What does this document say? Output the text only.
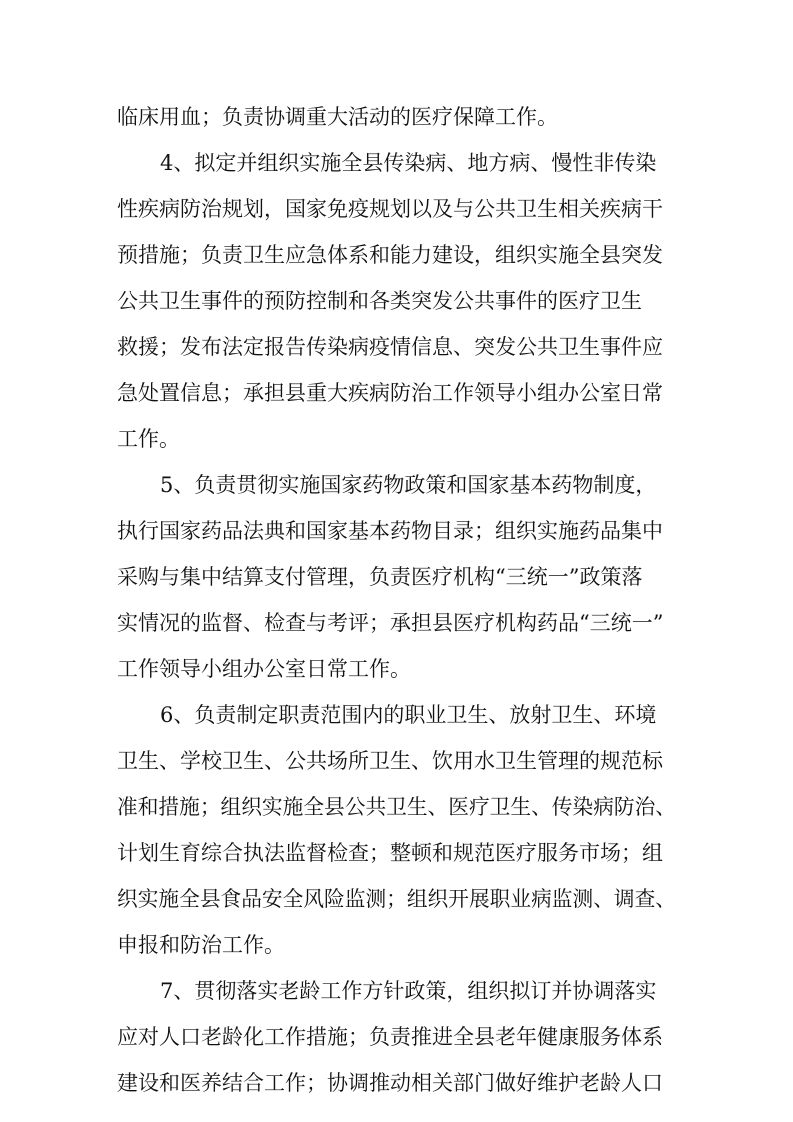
临床用血；负责协调重大活动的医疗保障工作。
4、拟定并组织实施全县传染病、地方病、慢性非传染
性疾病防治规划，国家免疫规划以及与公共卫生相关疾病干
预措施；负责卫生应急体系和能力建设，组织实施全县突发
公共卫生事件的预防控制和各类突发公共事件的医疗卫生
救援；发布法定报告传染病疫情信息、突发公共卫生事件应
急处置信息；承担县重大疾病防治工作领导小组办公室日常
工作。
5、负责贯彻实施国家药物政策和国家基本药物制度，
执行国家药品法典和国家基本药物目录；组织实施药品集中
采购与集中结算支付管理，负责医疗机构“三统一”政策落
实情况的监督、检查与考评；承担县医疗机构药品“三统一”
工作领导小组办公室日常工作。
6、负责制定职责范围内的职业卫生、放射卫生、环境
卫生、学校卫生、公共场所卫生、饮用水卫生管理的规范标
准和措施；组织实施全县公共卫生、医疗卫生、传染病防治、
计划生育综合执法监督检查；整顿和规范医疗服务市场；组
织实施全县食品安全风险监测；组织开展职业病监测、调查、
申报和防治工作。
7、贯彻落实老龄工作方针政策，组织拟订并协调落实
应对人口老龄化工作措施；负责推进全县老年健康服务体系
建设和医养结合工作；协调推动相关部门做好维护老龄人口
